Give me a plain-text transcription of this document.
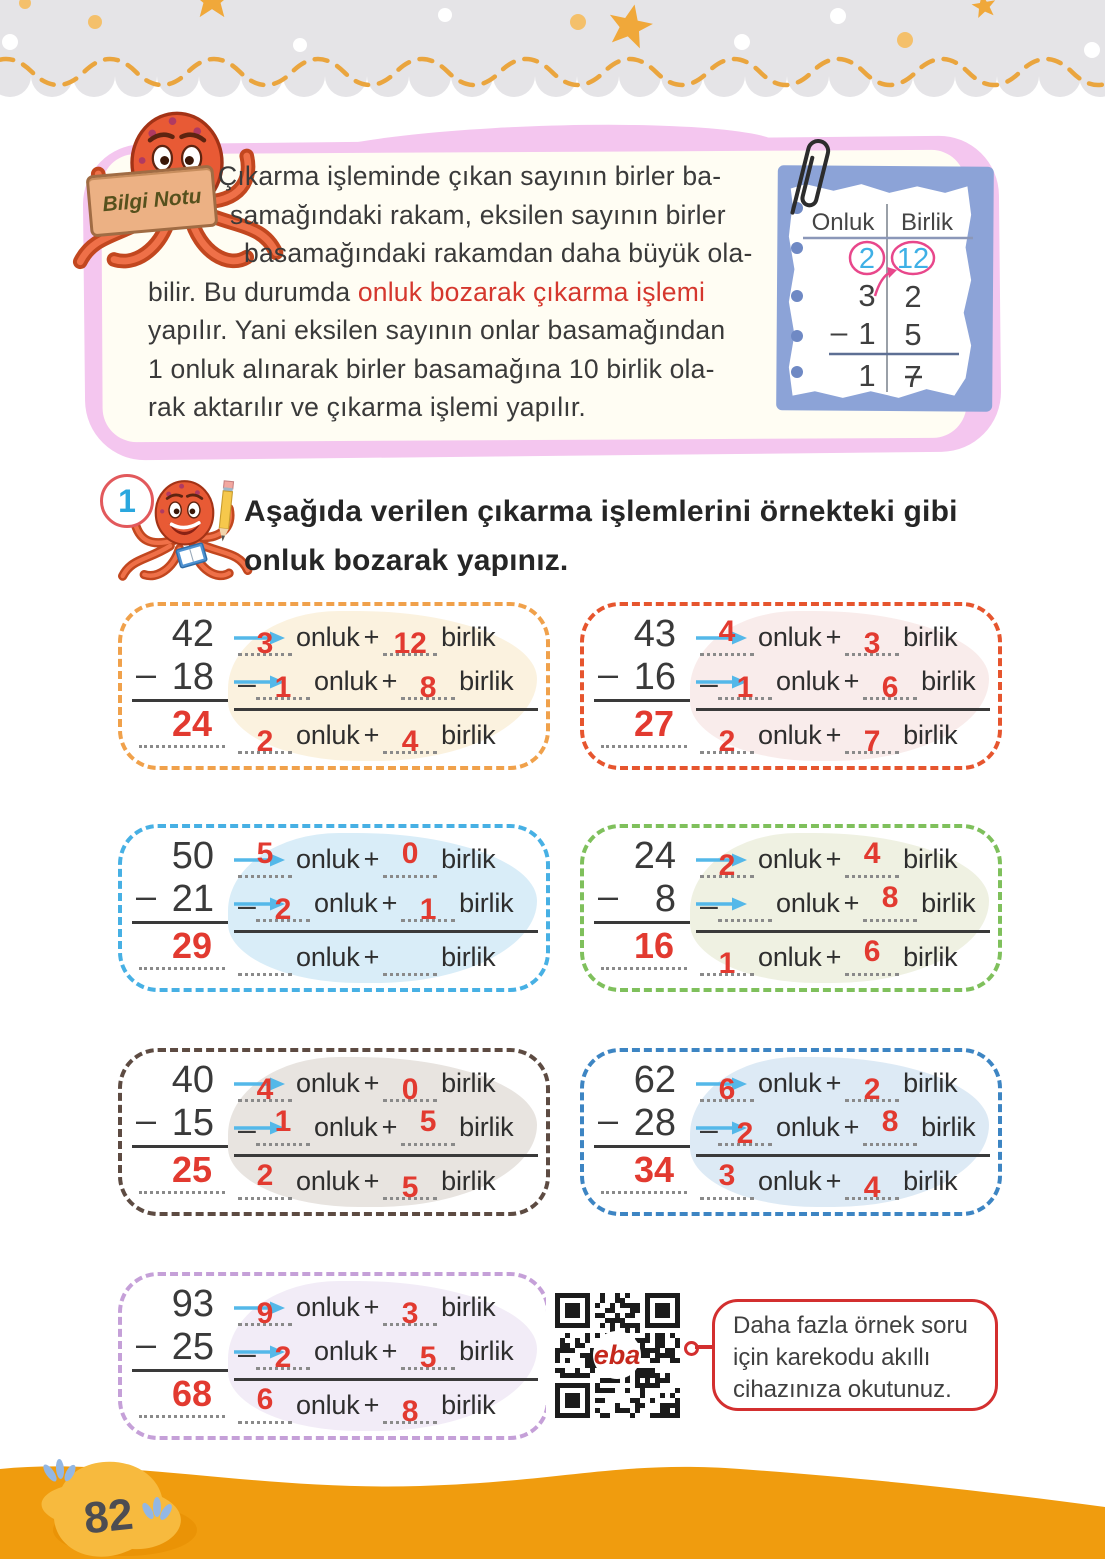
Bilgi Notu
Çıkarma işleminde çıkan sayının birler ba-
samağındaki rakam, eksilen sayının birler
basamağındaki rakamdan daha büyük ola-
bilir. Bu durumda onluk bozarak çıkarma işlemi
yapılır. Yani eksilen sayının onlar basamağından
1 onluk alınarak birler basamağına 10 birlik ola-
rak aktarılır ve çıkarma işlemi yapılır.
Onluk Birlik
2 12
3 2
– 1 5
1 7
1	Aşağıda verilen çıkarma işlemlerini örnekteki gibi
onluk bozarak yapınız.
42
– 18
24
3 onluk + 12 birlik
– 1 onluk + 8 birlik
2 onluk + 4 birlik
43
– 16
27
4 onluk + 3 birlik
– 1 onluk + 6 birlik
2 onluk + 7 birlik
50
– 21
29
5 onluk + 0 birlik
– 2 onluk + 1 birlik
onluk + birlik
24
– 8
16
2 onluk + 4 birlik
– onluk + 8 birlik
1 onluk + 6 birlik
40
– 15
25
4 onluk + 0 birlik
– 1 onluk + 5 birlik
2 onluk + 5 birlik
62
– 28
34
6 onluk + 2 birlik
– 2 onluk + 8 birlik
3 onluk + 4 birlik
93
– 25
68
9 onluk + 3 birlik
– 2 onluk + 5 birlik
6 onluk + 8 birlik
eba
Daha fazla örnek soru
için karekodu akıllı
cihazınıza okutunuz.
82
